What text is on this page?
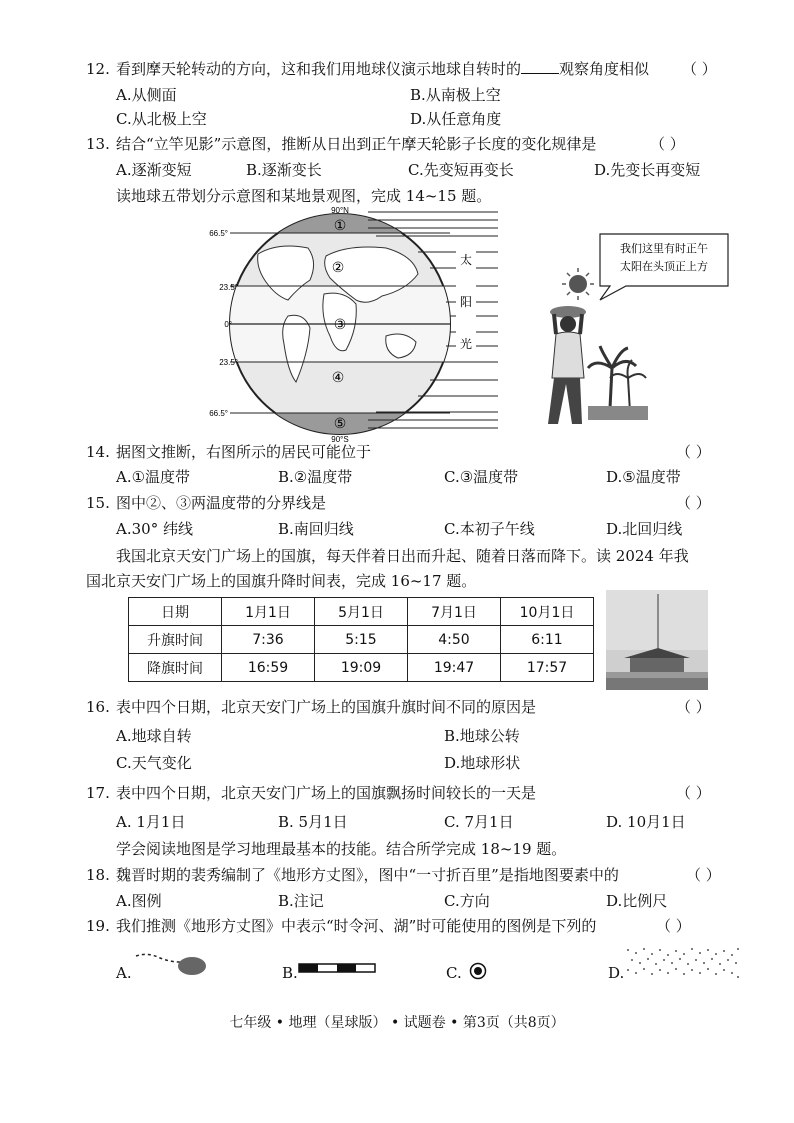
12. 看到摩天轮转动的方向，这和我们用地球仪演示地球自转时的	观察角度相似 （ ）
A.从侧面	B.从南极上空
C.从北极上空	D.从任意角度
13. 结合“立竿见影”示意图，推断从日出到正午摩天轮影子长度的变化规律是	（ ）
A.逐渐变短	B.逐渐变长	C.先变短再变长	D.先变长再变短
读地球五带划分示意图和某地景观图，完成 14~15 题。
66.5°
23.5°
0°
23.5°
66.5°
90°N
90°S
①
②
③
④
⑤
太
阳
光
我们这里有时正午
太阳在头顶正上方
14. 据图文推断，右图所示的居民可能位于	（ ）
A.①温度带	B.②温度带	C.③温度带	D.⑤温度带
15. 图中②、③两温度带的分界线是	（ ）
A.30° 纬线	B.南回归线	C.本初子午线	D.北回归线
我国北京天安门广场上的国旗，每天伴着日出而升起、随着日落而降下。读 2024 年我
国北京天安门广场上的国旗升降时间表，完成 16~17 题。
日期	1月1日	5月1日	7月1日	10月1日
升旗时间	7:36	5:15	4:50	6:11
降旗时间	16:59	19:09	19:47	17:57
16. 表中四个日期，北京天安门广场上的国旗升旗时间不同的原因是	（ ）
A.地球自转	B.地球公转
C.天气变化	D.地球形状
17. 表中四个日期，北京天安门广场上的国旗飘扬时间较长的一天是	（ ）
A. 1月1日	B. 5月1日	C. 7月1日	D. 10月1日
学会阅读地图是学习地理最基本的技能。结合所学完成 18~19 题。
18. 魏晋时期的裴秀编制了《地形方丈图》，图中“一寸折百里”是指地图要素中的	（ ）
A.图例	B.注记	C.方向	D.比例尺
19. 我们推测《地形方丈图》中表示“时令河、湖”时可能使用的图例是下列的	（ ）
A.	B.	C.	D.
七年级 • 地理（星球版） • 试题卷 • 第3页（共8页）
